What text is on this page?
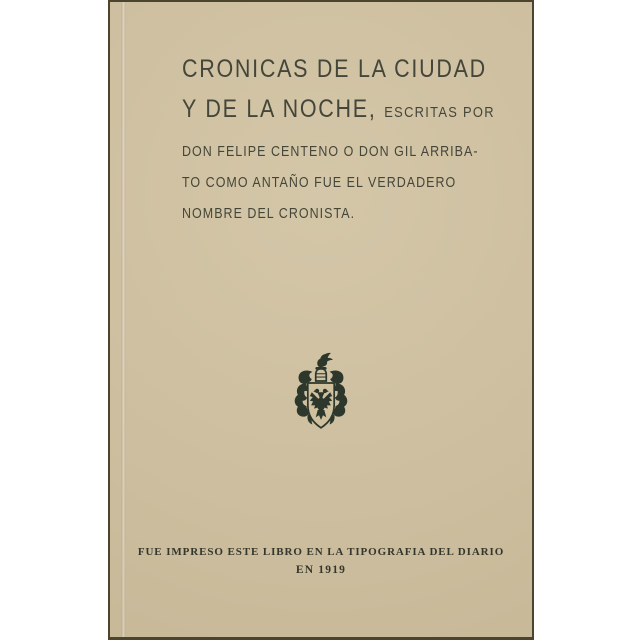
CRONICAS DE LA CIUDAD
Y DE LA NOCHE, ESCRITAS POR
DON FELIPE CENTENO O DON GIL ARRIBA-
TO COMO ANTAÑO FUE EL VERDADERO
NOMBRE DEL CRONISTA.
FUE IMPRESO ESTE LIBRO EN LA TIPOGRAFIA DEL DIARIO
EN 1919
